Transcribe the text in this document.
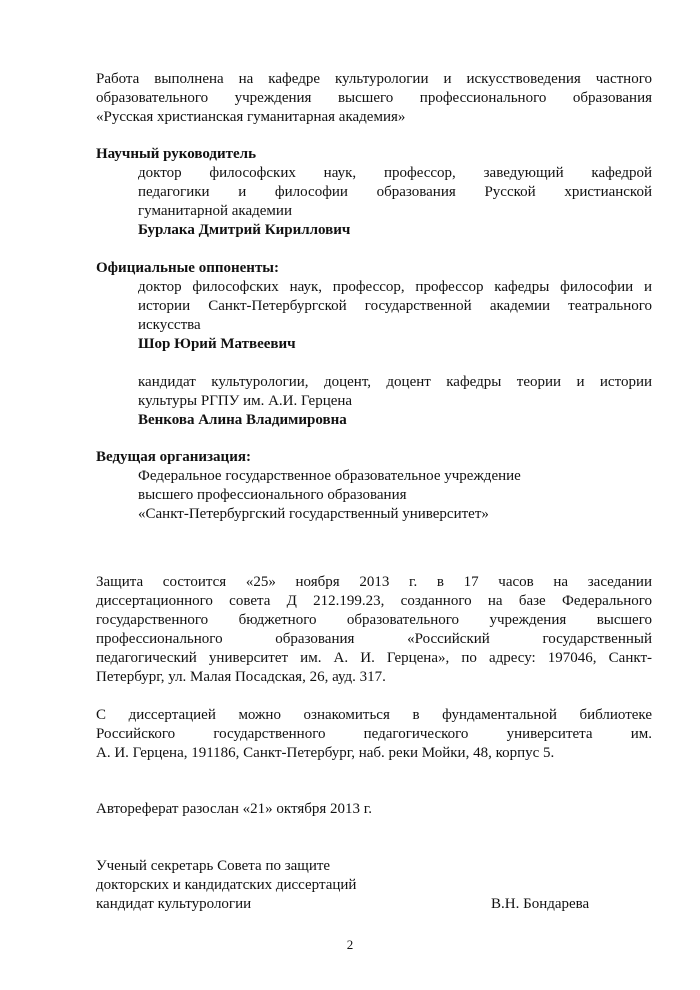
Работа выполнена на кафедре культурологии и искусствоведения частного
образовательного учреждения высшего профессионального образования
«Русская христианская гуманитарная академия»
Научный руководитель
доктор философских наук, профессор, заведующий кафедрой
педагогики и философии образования Русской христианской
гуманитарной академии
Бурлака Дмитрий Кириллович
Официальные оппоненты:
доктор философских наук, профессор, профессор кафедры философии и
истории Санкт-Петербургской государственной академии театрального
искусства
Шор Юрий Матвеевич
кандидат культурологии, доцент, доцент кафедры теории и истории
культуры РГПУ им. А.И. Герцена
Венкова Алина Владимировна
Ведущая организация:
Федеральное государственное образовательное учреждение
высшего профессионального образования
«Санкт-Петербургский государственный университет»
Защита состоится «25» ноября 2013 г. в 17 часов на заседании
диссертационного совета Д 212.199.23, созданного на базе Федерального
государственного бюджетного образовательного учреждения высшего
профессионального образования «Российский государственный
педагогический университет им. А. И. Герцена», по адресу: 197046, Санкт-
Петербург, ул. Малая Посадская, 26, ауд. 317.
С диссертацией можно ознакомиться в фундаментальной библиотеке
Российского государственного педагогического университета им.
А. И. Герцена, 191186, Санкт-Петербург, наб. реки Мойки, 48, корпус 5.
Автореферат разослан «21» октября 2013 г.
Ученый секретарь Совета по защите
докторских и кандидатских диссертаций
кандидат культурологии	В.Н. Бондарева
2
